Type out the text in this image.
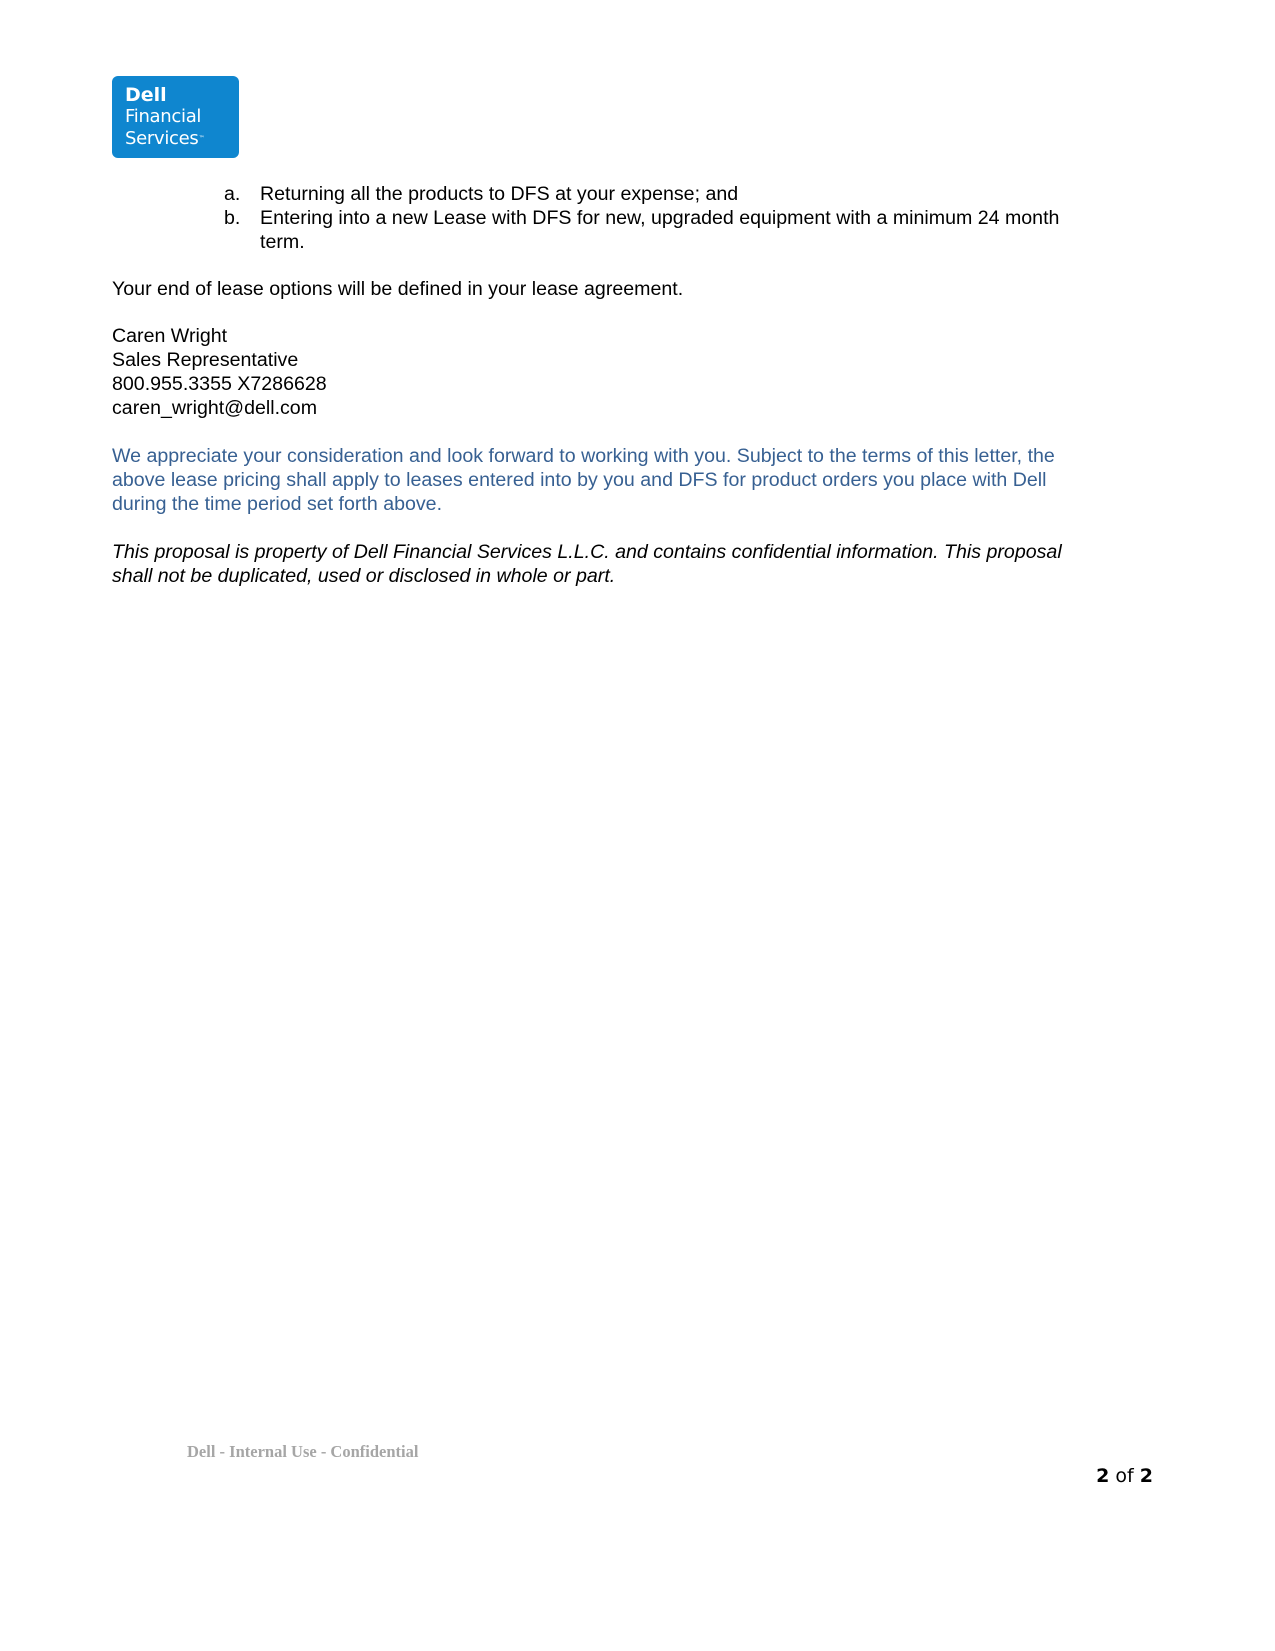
Dell
Financial
Services™
a. Returning all the products to DFS at your expense; and
b. Entering into a new Lease with DFS for new, upgraded equipment with a minimum 24 month
term.
Your end of lease options will be defined in your lease agreement.
Caren Wright
Sales Representative
800.955.3355 X7286628
caren_wright@dell.com
We appreciate your consideration and look forward to working with you. Subject to the terms of this letter, the
above lease pricing shall apply to leases entered into by you and DFS for product orders you place with Dell
during the time period set forth above.
This proposal is property of Dell Financial Services L.L.C. and contains confidential information. This proposal
shall not be duplicated, used or disclosed in whole or part.
Dell - Internal Use - Confidential
2 of 2
